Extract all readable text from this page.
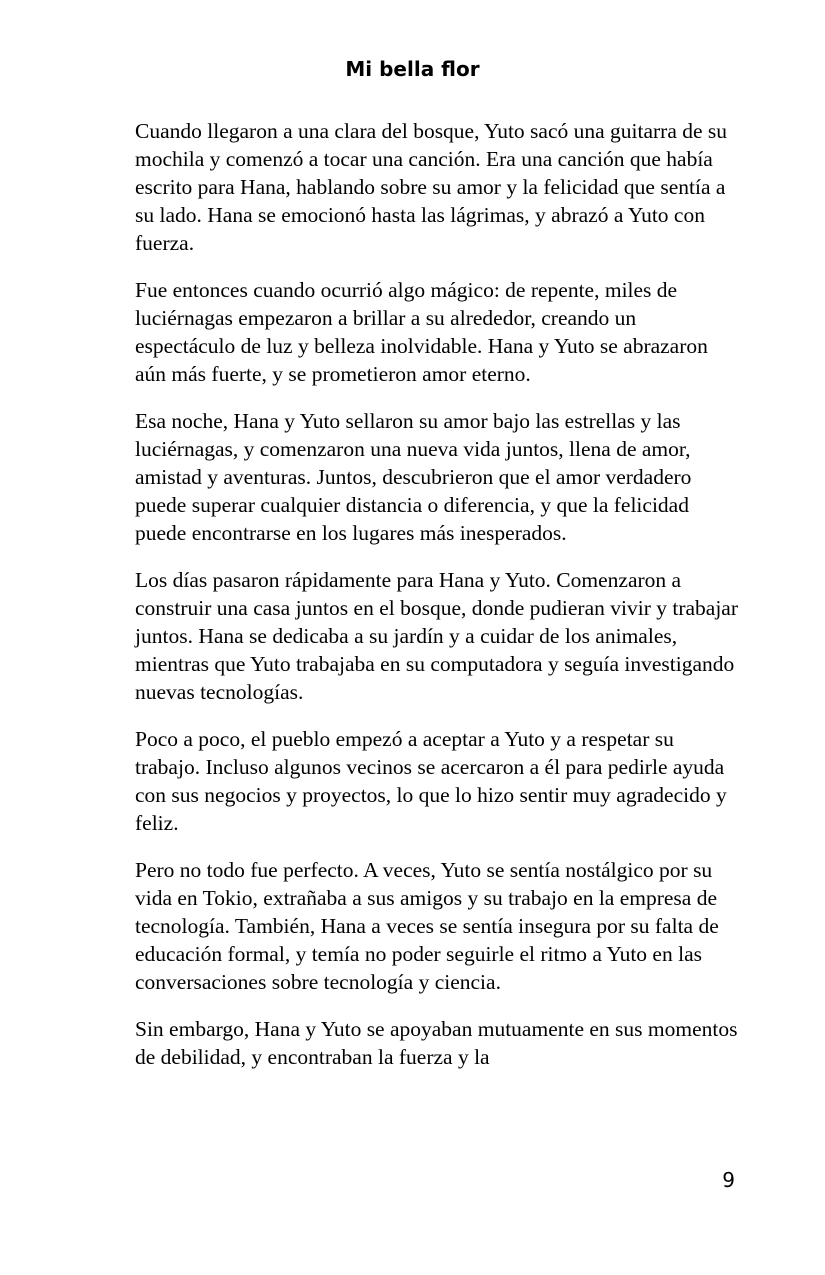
Mi bella flor

Cuando llegaron a una clara del bosque, Yuto sacó una guitarra de su mochila y comenzó a tocar una canción. Era una canción que había escrito para Hana, hablando sobre su amor y la felicidad que sentía a su lado. Hana se emocionó hasta las lágrimas, y abrazó a Yuto con fuerza.

Fue entonces cuando ocurrió algo mágico: de repente, miles de luciérnagas empezaron a brillar a su alrededor, creando un espectáculo de luz y belleza inolvidable. Hana y Yuto se abrazaron aún más fuerte, y se prometieron amor eterno.

Esa noche, Hana y Yuto sellaron su amor bajo las estrellas y las luciérnagas, y comenzaron una nueva vida juntos, llena de amor, amistad y aventuras. Juntos, descubrieron que el amor verdadero puede superar cualquier distancia o diferencia, y que la felicidad puede encontrarse en los lugares más inesperados.

Los días pasaron rápidamente para Hana y Yuto. Comenzaron a construir una casa juntos en el bosque, donde pudieran vivir y trabajar juntos. Hana se dedicaba a su jardín y a cuidar de los animales, mientras que Yuto trabajaba en su computadora y seguía investigando nuevas tecnologías.

Poco a poco, el pueblo empezó a aceptar a Yuto y a respetar su trabajo. Incluso algunos vecinos se acercaron a él para pedirle ayuda con sus negocios y proyectos, lo que lo hizo sentir muy agradecido y feliz.

Pero no todo fue perfecto. A veces, Yuto se sentía nostálgico por su vida en Tokio, extrañaba a sus amigos y su trabajo en la empresa de tecnología. También, Hana a veces se sentía insegura por su falta de educación formal, y temía no poder seguirle el ritmo a Yuto en las conversaciones sobre tecnología y ciencia.

Sin embargo, Hana y Yuto se apoyaban mutuamente en sus momentos de debilidad, y encontraban la fuerza y la

9
